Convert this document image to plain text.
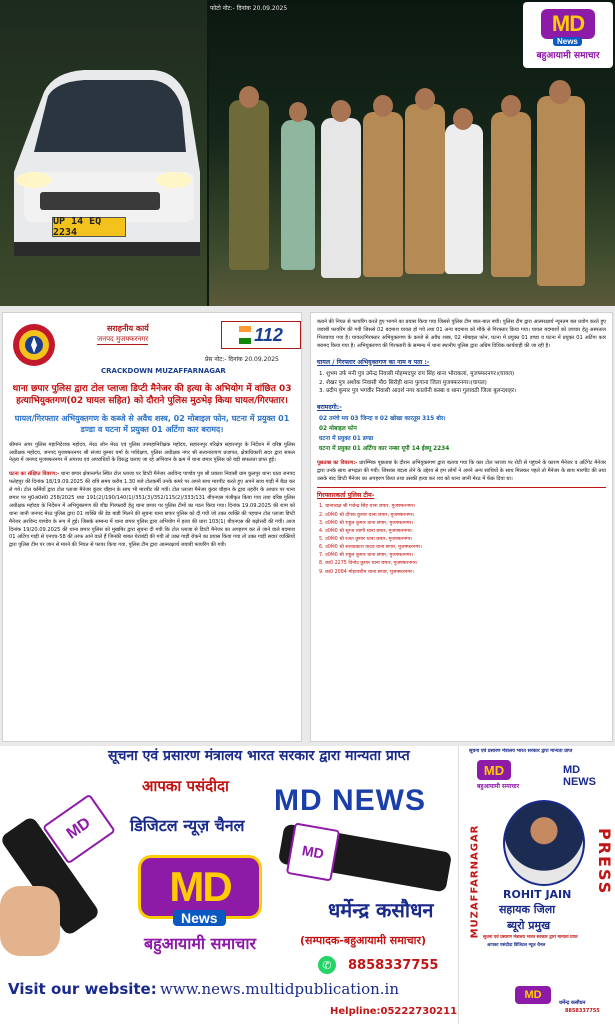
UP 14 EQ 2234
फोटो नोट:- दिनांक 20.09.2025
MD
News
बहुआयामी समाचार
सराहनीय कार्य
जनपद मुजफ्फरनगर	112
प्रेस नोट:- दिनांक 20.09.2025
CRACKDOWN MUZAFFARNAGAR
थाना छपार पुलिस द्वारा टोल प्लाजा डिप्टी मैनेजर की हत्या के अभियोग में वांछित 03 हत्याभियुक्तगण(02 घायल सहित) को दौराने पुलिस मुठभेड़ किया घायल/गिरफ्तार।
घायल/गिरफ्तार अभियुक्तगण के कब्जे से अवैध शस्त्र, 02 मोबाइल फोन, घटना में प्रयुक्त 01 डण्डा व घटना में प्रयुक्त 01 अर्टिगा कार बरामद।
श्रीमान अपर पुलिस महानिदेशक महोदय, मेरठ जोन मेरठ एवं पुलिस उपमहानिरीक्षक महोदय, सहारनपुर परिक्षेत्र सहारनपुर के निर्देशन में वरिष्ठ पुलिस अधीक्षक महोदय, जनपद मुजफ्फरनगर श्री संजय कुमार वर्मा के पर्यवेक्षण, पुलिस अधीक्षक नगर श्री सत्यनारायण प्रजापत, क्षेत्राधिकारी सदर द्वारा सफल नेतृत्व में जनपद मुजफ्फरनगर में अपराध एवं अपराधियों के विरुद्ध चलाए जा रहे अभियान के क्रम में थाना छपार पुलिस को बड़ी सफलता प्राप्त हुई।
घटना का संक्षिप्त विवरण:- थाना छपार क्षेत्रान्तर्गत स्थित टोल प्लाजा पर डिप्टी मैनेजर अरविन्द पाण्डेय पुत्र श्री प्रकाश निवासी ग्राम कुलपुर थाना धाता जनपद फतेहपुर की दिनांक 18/19.09.2025 की रात्रि समय करीब 1.30 बजे टोलकर्मी उनके कमरे पर अपने साथ मारपीट करते हुए अपने साथ गाड़ी में बैठा कर ले गये। टोल कर्मियों द्वारा टोल प्लाजा मैनेजर कुंवर चौहान के साथ भी मारपीट की गयी। टोल प्लाजा मैनेजर कुंवर चौहान के द्वारा तहरीर के आधार पर थाना छपार पर मु0अ0सं0 258/2025 धारा 191(2)/190/140(1)/351(3)/352/115(2)/333/131 बीएनएस पंजीकृत किया गया तथा वरिष्ठ पुलिस अधीक्षक महोदय के निर्देशन में अभियुक्तगण की शीघ्र गिरफ्तारी हेतु थाना छपार पर पुलिस टीमों का गठन किया गया। दिनांक 19.09.2025 की शाम को थाना जानी जनपद मेरठ पुलिस द्वारा 01 व्यक्ति की डेड बाडी मिलने की सूचना थाना छपार पुलिस को दी गयी जो उक्त व्यक्ति की पहचान टोल प्लाजा डिप्टी मैनेजर अरविन्द पाण्डेय के रूप में हुई। जिसके सम्बन्ध में थाना छपार पुलिस द्वारा अभियोग में हत्या की धारा 103(1) बीएनएस की बढ़ोत्तरी की गयी। आज दिनांक 19/20.09.2025 की थाना छपार पुलिस को मुखबिर द्वारा सूचना दी गयी कि टोल प्लाजा से डिप्टी मैनेजर का अपहरण कर ले जाने वाले बदमाश 01 अर्टिगा गाड़ी से एनएच-58 की तरफ आने वाले हैं जिनकी बाबत घेराबंदी की गयी तो उक्त गाड़ी रोकने का प्रयास किया गया तो उक्त गाड़ी सवार व्यक्तियों द्वारा पुलिस टीम पर जान से मारने की नियत से फायर किया गया, पुलिस टीम द्वारा आत्मरक्षार्थ जवाबी फायरिंग की गयी।
बताने की नियत से फायरिंग करते हुए भागने का प्रयास किया गया जिससे पुलिस टीम बाल-बाल बची। पुलिस टीम द्वारा आत्मरक्षार्थ न्यूनतम बल प्रयोग करते हुए जवाबी फायरिंग की गयी जिससे 02 बदमाश घायल हो गये तथा 01 अन्य बदमाश को मौके से गिरफ्तार किया गया। घायल बदमाशों को उपचार हेतु अस्पताल भिजवाया गया है। घायल/गिरफ्तार अभियुक्तगण के कब्जे से अवैध शस्त्र, 02 मोबाइल फोन, घटना में प्रयुक्त 01 डण्डा व घटना में प्रयुक्त 01 अर्टिगा कार बरामद किया गया है। अभियुक्तगण की गिरफ्तारी के सम्बन्ध में थाना स्थानीय पुलिस द्वारा अग्रिम विधिक कार्यवाही की जा रही है।
घायल / गिरफ्तार अभियुक्तगण का नाम व पता :-
1. शुभम उर्फ मनी पुत्र उमेन्द्र निवासी मोहम्मदपुर राय सिंह थाना भोराकलां, मुजफ्फरनगर।(घायल)
2. शेखर पुत्र अशोक निवासी मौ0 सिरोही थाना फुगाना जिला मुजफ्फरनगर।(घायल)
3. प्रदीप कुमार पुत्र भगवीर निवासी आदर्श नगर कालोनी कस्बा व थाना गुलावठी जिला बुलन्दशहर।
बरामदगी:-
02 तमंचे मय 03 जिन्दा व 02 खोखा कारतूस 315 बोर।
02 मोबाइल फोन
घटना में प्रयुक्त 01 डण्डा
घटना में प्रयुक्त 01 अर्टिगा कार नम्बर यूपी 14 ईक्यू 2234
पूछताछ का विवरण:- प्रारम्भिक पूछताछ के दौरान अभियुक्तगण द्वारा बताया गया कि कार टोल प्लाजा पर रोटी से पहुंचने के कारण मैनेजर व अर्टिगेट मैनेजर द्वारा उनके साथ अभद्रता की गयी। जिसका बदला लेने के उद्देश्य से हम लोगों ने अपने अन्य साथियों के साथ मिलकर पहले तो मैनेजर के साथ मारपीट की तथा उसके बाद डिप्टी मैनेजर का अपहरण किया तथा उसकी हत्या कर शव को थाना जानी मेरठ में फेंक दिया था।
गिरफ्तारकर्ता पुलिस टीम-
1. थानाध्यक्ष श्री गजेन्द्र सिंह थाना छपार, मुजफ्फरनगर।
2. उ0नि0 श्री दीपक कुमार थाना छपार, मुजफ्फरनगर।
3. उ0नि0 श्री राहुल कुमार थाना छपार, मुजफ्फरनगर।
4. उ0नि0 श्री सूरज त्यागी थाना छपार, मुजफ्फरनगर।
5. उ0नि0 श्री रजत कुमार थाना छपार, मुजफ्फरनगर।
6. उ0नि0 श्री सत्यप्रकाश यादव थाना छपार, मुजफ्फरनगर।
7. उ0नि0 श्री राहुल कुमार थाना छपार, मुजफ्फरनगर।
8. का0 2275 विनोद कुमार थाना छपार, मुजफ्फरनगर।
9. का0 2084 मोहताशीम थाना छपार, मुजफ्फरनगर।
सूचना एवं प्रसारण मंत्रालय भारत सरकार द्वारा मान्यता प्राप्त
MD
आपका पसंदीदा
डिजिटल न्यूज़ चैनल
MD NEWS
MD
MD
News
बहुआयामी समाचार
धर्मेन्द्र कसौधन
(सम्पादक-बहुआयामी समाचार)
✆	8858337755
Visit our website: www.news.multidpublication.in
Helpline:05222730211
सूचना एवं प्रसारण मंत्रालय भारत सरकार द्वारा मान्यता प्राप्त
MD
बहुआयामी समाचार
MD NEWS
MUZAFFARNAGAR	PRESS
ROHIT JAIN
सहायक जिला
ब्यूरो प्रमुख
सूचना एवं प्रसारण मंत्रालय भारत सरकार द्वारा मान्यता प्राप्त
आपका पसंदीदा डिजिटल न्यूज़ चैनल
MD
धर्मेन्द्र कसौधन
8858337755
